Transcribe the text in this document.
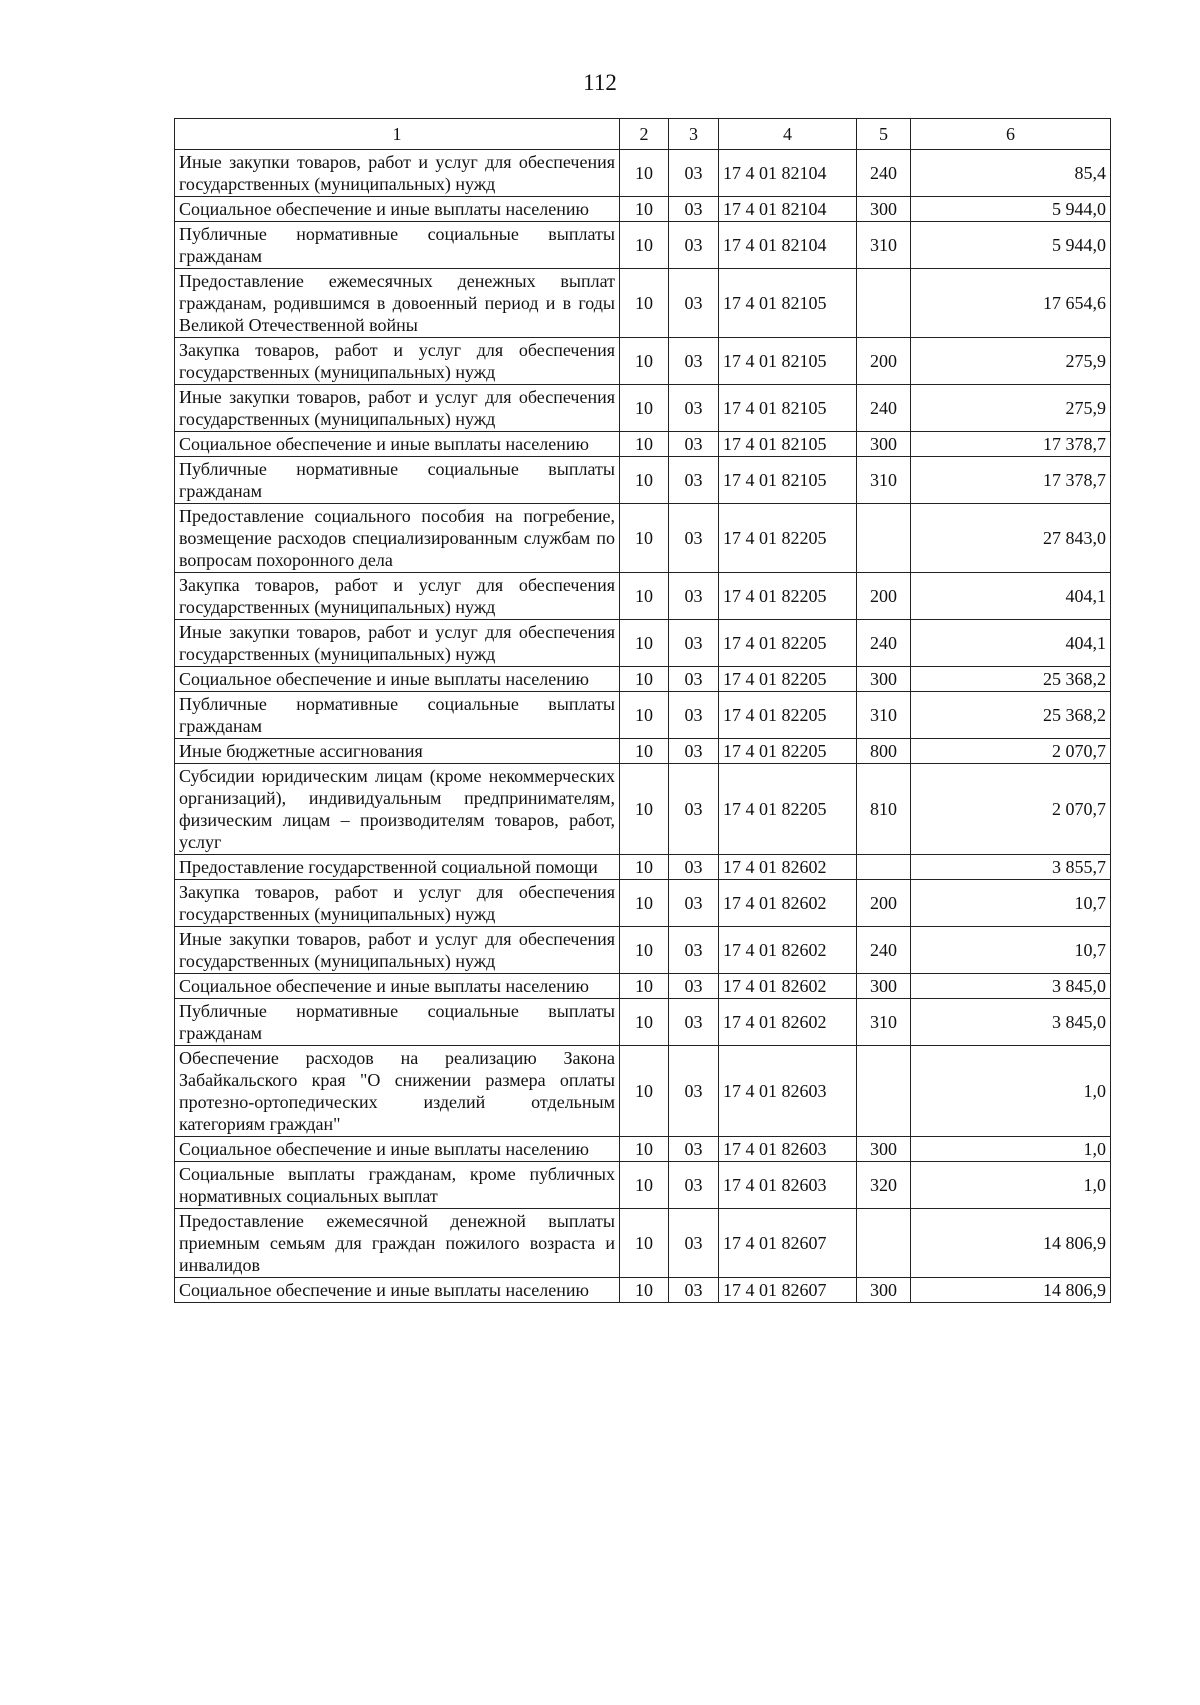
112
1	2	3	4	5	6
Иные закупки товаров, работ и услуг для обеспечения государственных (муниципальных) нужд	10	03	17 4 01 82104	240	85,4
Социальное обеспечение и иные выплаты населению	10	03	17 4 01 82104	300	5 944,0
Публичные нормативные социальные выплаты гражданам	10	03	17 4 01 82104	310	5 944,0
Предоставление ежемесячных денежных выплат гражданам, родившимся в довоенный период и в годы Великой Отечественной войны	10	03	17 4 01 82105		17 654,6
Закупка товаров, работ и услуг для обеспечения государственных (муниципальных) нужд	10	03	17 4 01 82105	200	275,9
Иные закупки товаров, работ и услуг для обеспечения государственных (муниципальных) нужд	10	03	17 4 01 82105	240	275,9
Социальное обеспечение и иные выплаты населению	10	03	17 4 01 82105	300	17 378,7
Публичные нормативные социальные выплаты гражданам	10	03	17 4 01 82105	310	17 378,7
Предоставление социального пособия на погребение, возмещение расходов специализированным службам по вопросам похоронного дела	10	03	17 4 01 82205		27 843,0
Закупка товаров, работ и услуг для обеспечения государственных (муниципальных) нужд	10	03	17 4 01 82205	200	404,1
Иные закупки товаров, работ и услуг для обеспечения государственных (муниципальных) нужд	10	03	17 4 01 82205	240	404,1
Социальное обеспечение и иные выплаты населению	10	03	17 4 01 82205	300	25 368,2
Публичные нормативные социальные выплаты гражданам	10	03	17 4 01 82205	310	25 368,2
Иные бюджетные ассигнования	10	03	17 4 01 82205	800	2 070,7
Субсидии юридическим лицам (кроме некоммерческих организаций), индивидуальным предпринимателям, физическим лицам – производителям товаров, работ, услуг	10	03	17 4 01 82205	810	2 070,7
Предоставление государственной социальной помощи	10	03	17 4 01 82602		3 855,7
Закупка товаров, работ и услуг для обеспечения государственных (муниципальных) нужд	10	03	17 4 01 82602	200	10,7
Иные закупки товаров, работ и услуг для обеспечения государственных (муниципальных) нужд	10	03	17 4 01 82602	240	10,7
Социальное обеспечение и иные выплаты населению	10	03	17 4 01 82602	300	3 845,0
Публичные нормативные социальные выплаты гражданам	10	03	17 4 01 82602	310	3 845,0
Обеспечение расходов на реализацию Закона Забайкальского края "О снижении размера оплаты протезно-ортопедических изделий отдельным категориям граждан"	10	03	17 4 01 82603		1,0
Социальное обеспечение и иные выплаты населению	10	03	17 4 01 82603	300	1,0
Социальные выплаты гражданам, кроме публичных нормативных социальных выплат	10	03	17 4 01 82603	320	1,0
Предоставление ежемесячной денежной выплаты приемным семьям для граждан пожилого возраста и инвалидов	10	03	17 4 01 82607		14 806,9
Социальное обеспечение и иные выплаты населению	10	03	17 4 01 82607	300	14 806,9
